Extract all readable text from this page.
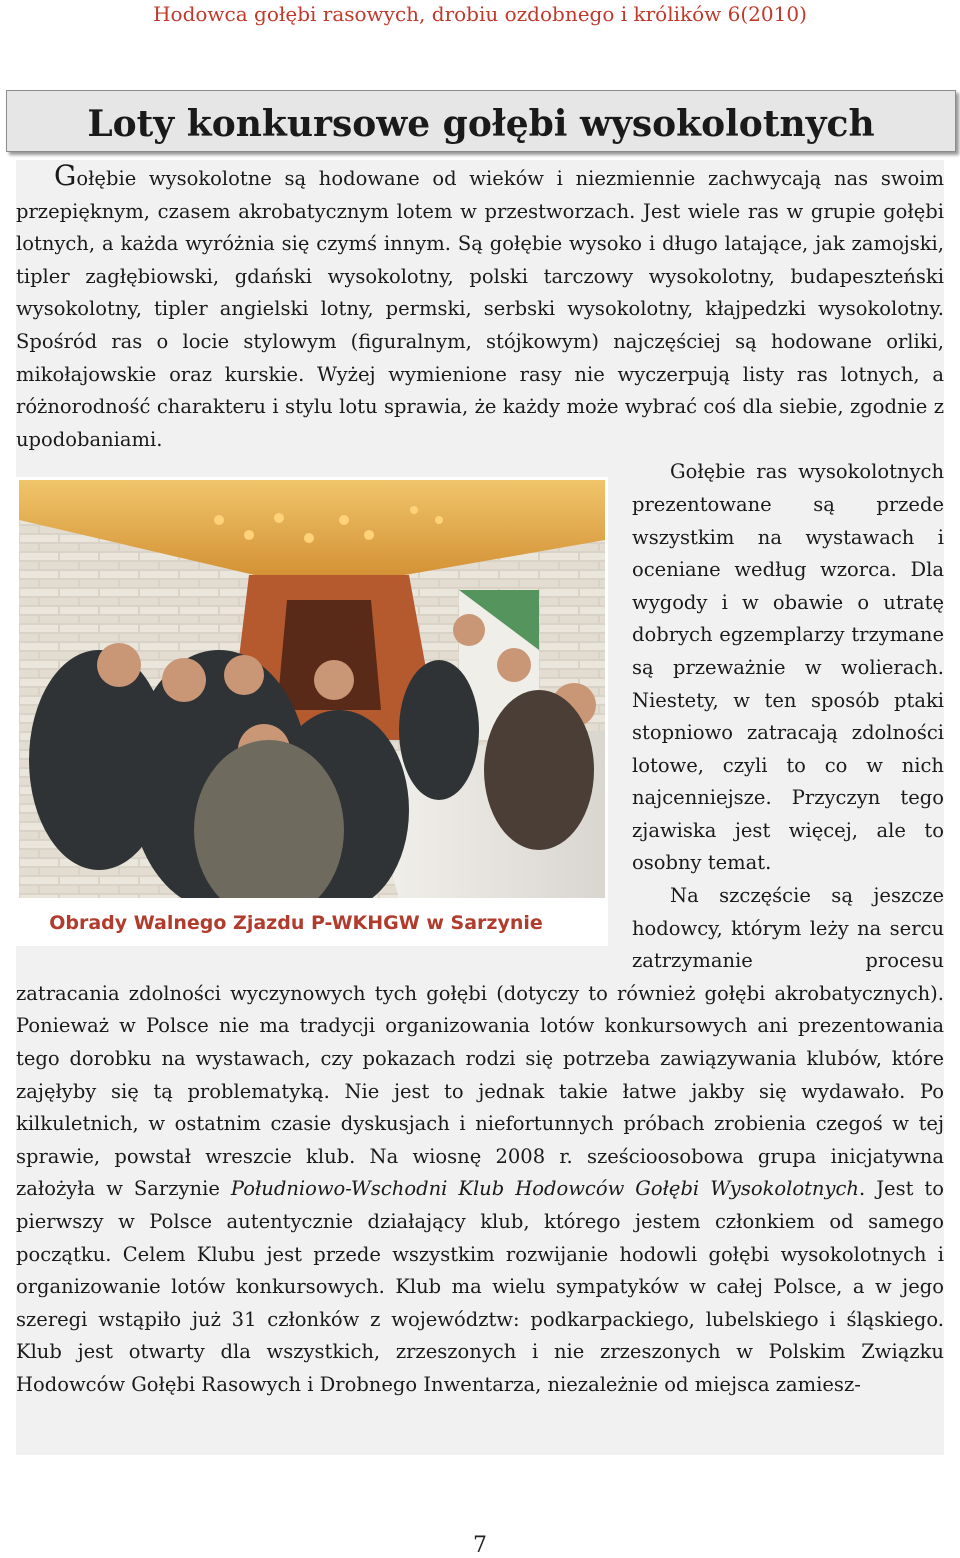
Hodowca gołębi rasowych, drobiu ozdobnego i królików 6(2010)
Loty konkursowe gołębi wysokolotnych

Gołębie wysokolotne są hodowane od wieków i niezmiennie zachwycają nas swoim przepięknym, czasem akrobatycznym lotem w przestworzach. Jest wiele ras w grupie gołębi lotnych, a każda wyróżnia się czymś innym. Są gołębie wysoko i długo latające, jak zamojski, tipler zagłębiowski, gdański wysokolotny, polski tarczowy wysokolotny, budapeszteński wysokolotny, tipler angielski lotny, permski, serbski wysokolotny, kłajpedzki wysokolotny. Spośród ras o locie stylowym (figuralnym, stójkowym) najczęściej są hodowane orliki, mikołajowskie oraz kurskie. Wyżej wymienione rasy nie wyczerpują listy ras lotnych, a różnorodność charakteru i stylu lotu sprawia, że każdy może wybrać coś dla siebie, zgodnie z upodobaniami.

Obrady Walnego Zjazdu P-WKHGW w Sarzynie

Gołębie ras wysokolotnych prezentowane są przede wszystkim na wystawach i oceniane według wzorca. Dla wygody i w obawie o utratę dobrych egzemplarzy trzymane są przeważnie w wolierach. Niestety, w ten sposób ptaki stopniowo zatracają zdolności lotowe, czyli to co w nich najcenniejsze. Przyczyn tego zjawiska jest więcej, ale to osobny temat.

Na szczęście są jeszcze hodowcy, którym leży na sercu zatrzymanie procesu zatracania zdolności wyczynowych tych gołębi (dotyczy to również gołębi akrobatycznych). Ponieważ w Polsce nie ma tradycji organizowania lotów konkursowych ani prezentowania tego dorobku na wystawach, czy pokazach rodzi się potrzeba zawiązywania klubów, które zajęłyby się tą problematyką. Nie jest to jednak takie łatwe jakby się wydawało. Po kilkuletnich, w ostatnim czasie dyskusjach i niefortunnych próbach zrobienia czegoś w tej sprawie, powstał wreszcie klub. Na wiosnę 2008 r. sześcioosobowa grupa inicjatywna założyła w Sarzynie Południowo-Wschodni Klub Hodowców Gołębi Wysokolotnych. Jest to pierwszy w Polsce autentycznie działający klub, którego jestem członkiem od samego początku. Celem Klubu jest przede wszystkim rozwijanie hodowli gołębi wysokolotnych i organizowanie lotów konkursowych. Klub ma wielu sympatyków w całej Polsce, a w jego szeregi wstąpiło już 31 członków z województw: podkarpackiego, lubelskiego i śląskiego. Klub jest otwarty dla wszystkich, zrzeszonych i nie zrzeszonych w Polskim Związku Hodowców Gołębi Rasowych i Drobnego Inwentarza, niezależnie od miejsca zamiesz-

7
